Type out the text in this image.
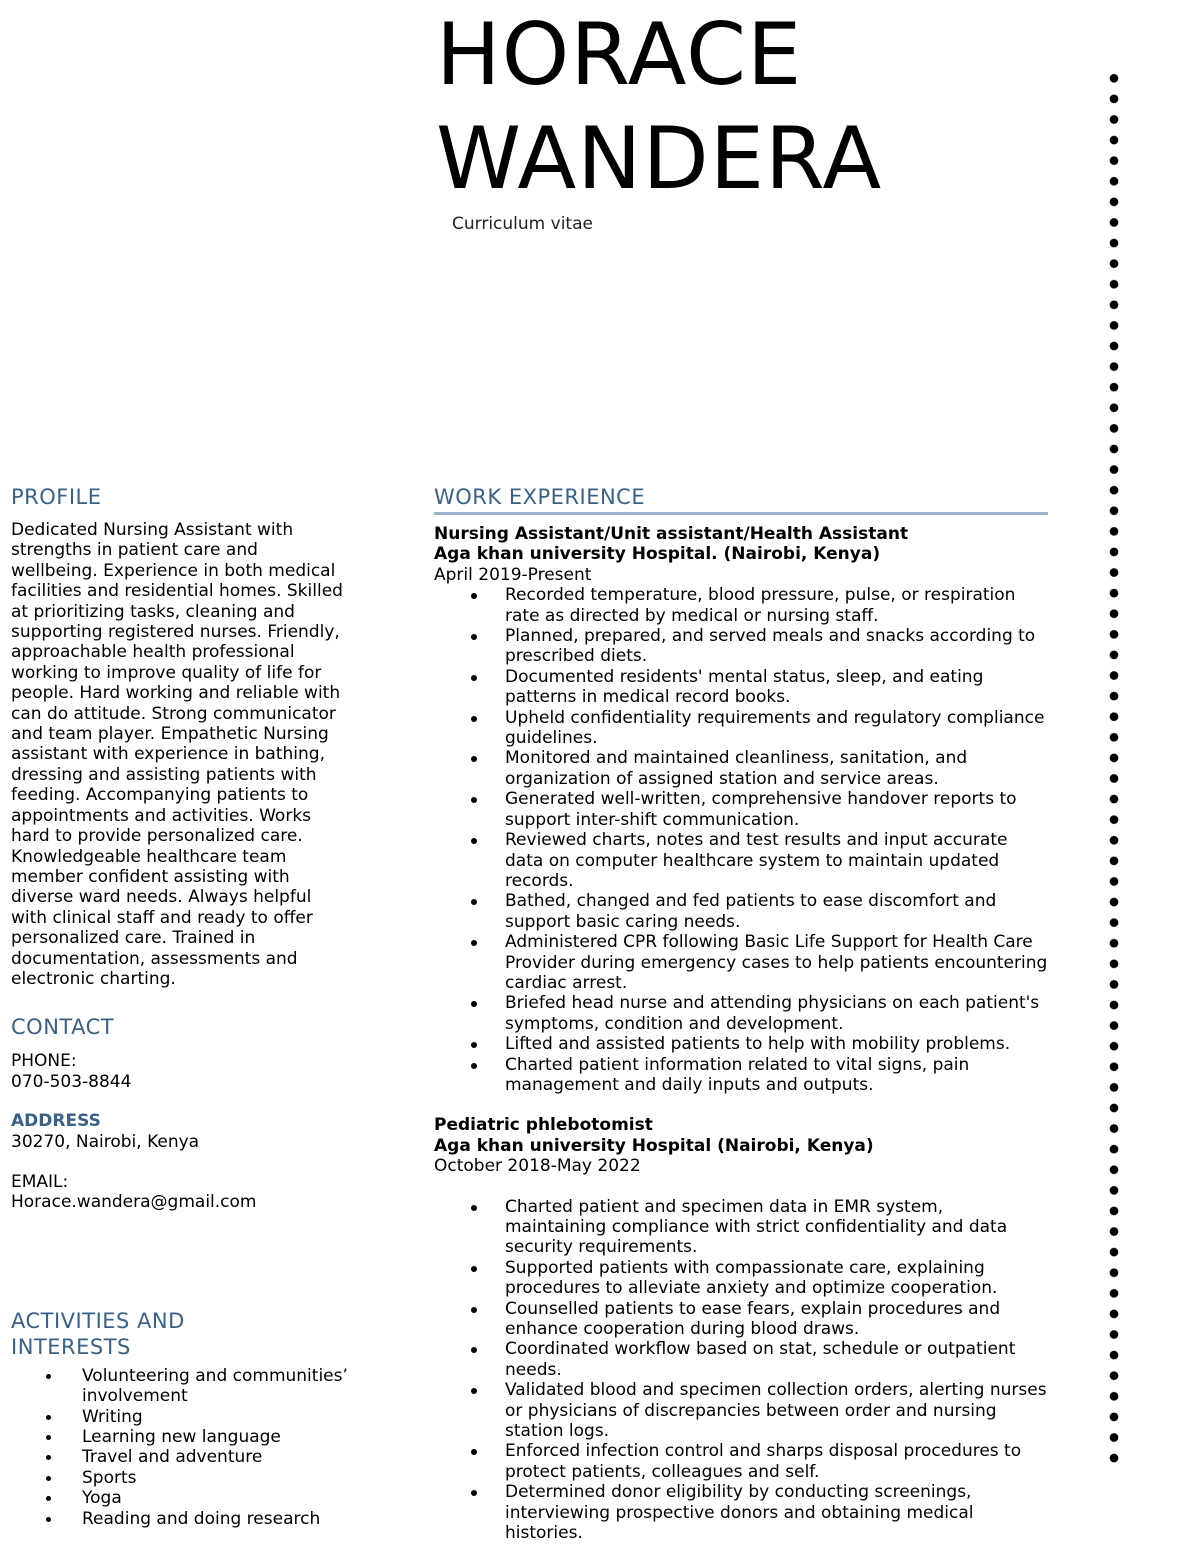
HORACE
WANDERA
Curriculum vitae
PROFILE
Dedicated Nursing Assistant with strengths in patient care and wellbeing. Experience in both medical facilities and residential homes. Skilled at prioritizing tasks, cleaning and supporting registered nurses. Friendly, approachable health professional working to improve quality of life for people. Hard working and reliable with can do attitude. Strong communicator and team player. Empathetic Nursing assistant with experience in bathing, dressing and assisting patients with feeding. Accompanying patients to appointments and activities. Works hard to provide personalized care. Knowledgeable healthcare team member confident assisting with diverse ward needs. Always helpful with clinical staff and ready to offer personalized care. Trained in documentation, assessments and electronic charting.
CONTACT
PHONE:
070-503-8844
ADDRESS
30270, Nairobi, Kenya
EMAIL:
Horace.wandera@gmail.com
ACTIVITIES AND INTERESTS
Volunteering and communities’ involvement
Writing
Learning new language
Travel and adventure
Sports
Yoga
Reading and doing research
WORK EXPERIENCE
Nursing Assistant/Unit assistant/Health Assistant
Aga khan university Hospital. (Nairobi, Kenya)
April 2019-Present
Recorded temperature, blood pressure, pulse, or respiration rate as directed by medical or nursing staff.
Planned, prepared, and served meals and snacks according to prescribed diets.
Documented residents' mental status, sleep, and eating patterns in medical record books.
Upheld confidentiality requirements and regulatory compliance guidelines.
Monitored and maintained cleanliness, sanitation, and organization of assigned station and service areas.
Generated well-written, comprehensive handover reports to support inter-shift communication.
Reviewed charts, notes and test results and input accurate data on computer healthcare system to maintain updated records.
Bathed, changed and fed patients to ease discomfort and support basic caring needs.
Administered CPR following Basic Life Support for Health Care Provider during emergency cases to help patients encountering cardiac arrest.
Briefed head nurse and attending physicians on each patient's symptoms, condition and development.
Lifted and assisted patients to help with mobility problems.
Charted patient information related to vital signs, pain management and daily inputs and outputs.
Pediatric phlebotomist
Aga khan university Hospital (Nairobi, Kenya)
October 2018-May 2022
Charted patient and specimen data in EMR system, maintaining compliance with strict confidentiality and data security requirements.
Supported patients with compassionate care, explaining procedures to alleviate anxiety and optimize cooperation.
Counselled patients to ease fears, explain procedures and enhance cooperation during blood draws.
Coordinated workflow based on stat, schedule or outpatient needs.
Validated blood and specimen collection orders, alerting nurses or physicians of discrepancies between order and nursing station logs.
Enforced infection control and sharps disposal procedures to protect patients, colleagues and self.
Determined donor eligibility by conducting screenings, interviewing prospective donors and obtaining medical histories.
